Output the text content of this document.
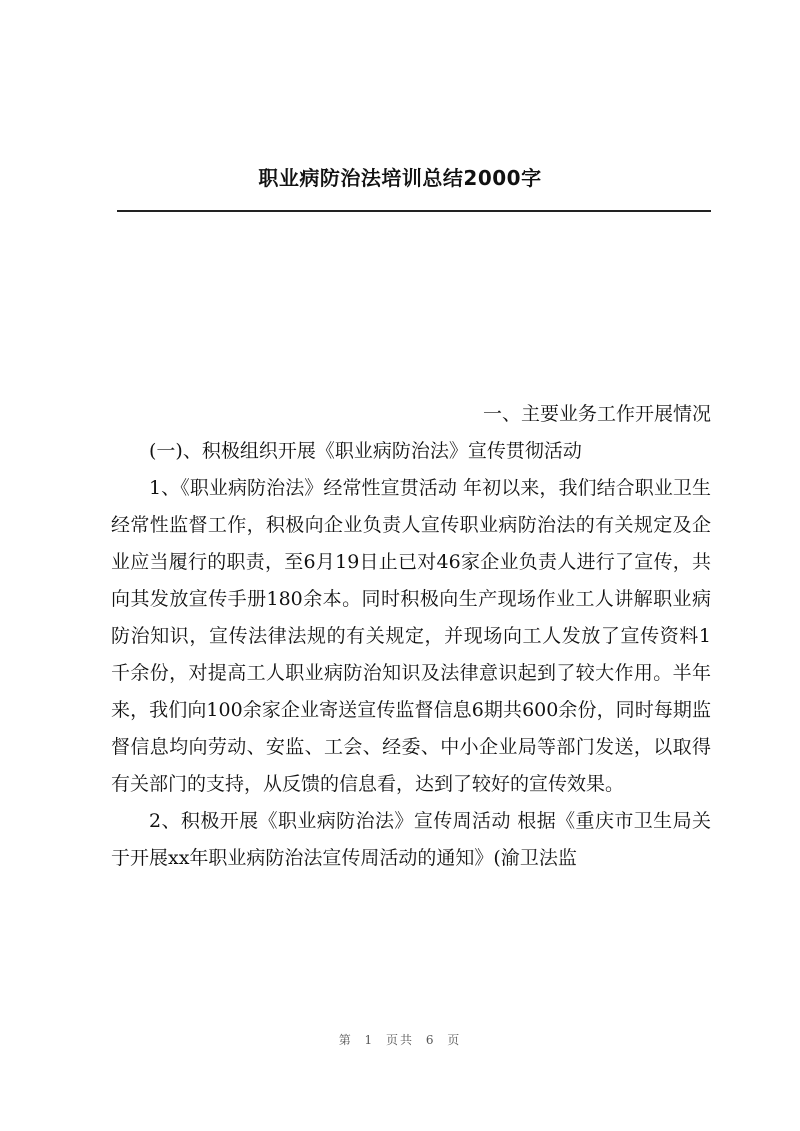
职业病防治法培训总结2000字

一、主要业务工作开展情况

(一)、积极组织开展《职业病防治法》宣传贯彻活动

1、《职业病防治法》经常性宣贯活动 年初以来，我们结合职业卫生经常性监督工作，积极向企业负责人宣传职业病防治法的有关规定及企业应当履行的职责，至6月19日止已对46家企业负责人进行了宣传，共向其发放宣传手册180余本。同时积极向生产现场作业工人讲解职业病防治知识，宣传法律法规的有关规定，并现场向工人发放了宣传资料1千余份，对提高工人职业病防治知识及法律意识起到了较大作用。半年来，我们向100余家企业寄送宣传监督信息6期共600余份，同时每期监督信息均向劳动、安监、工会、经委、中小企业局等部门发送，以取得有关部门的支持，从反馈的信息看，达到了较好的宣传效果。

2、积极开展《职业病防治法》宣传周活动 根据《重庆市卫生局关于开展xx年职业病防治法宣传周活动的通知》(渝卫法监

第 1 页共 6 页
